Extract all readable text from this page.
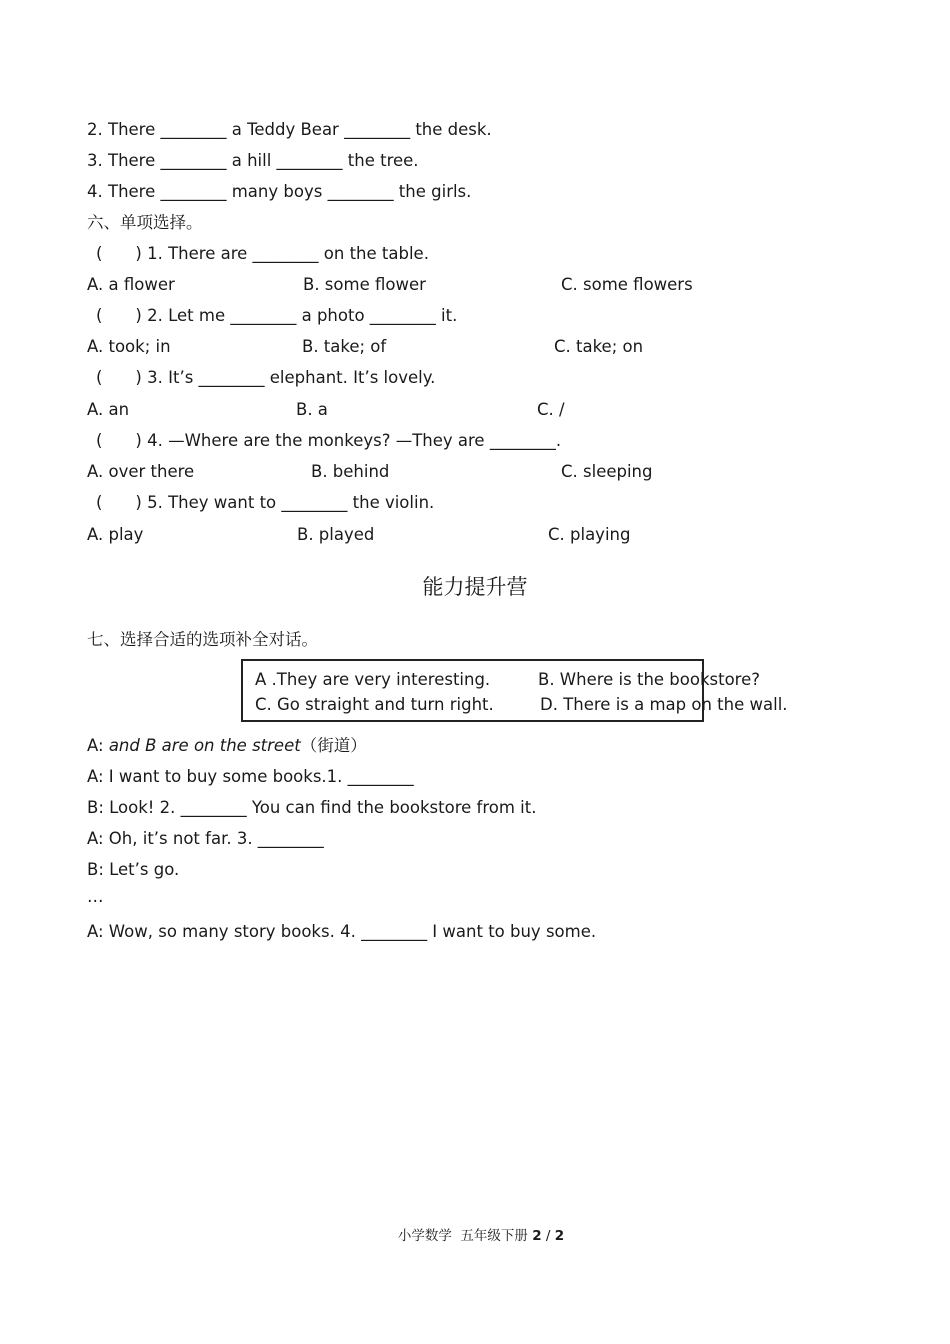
2. There ________ a Teddy Bear ________ the desk.
3. There ________ a hill ________ the tree.
4. There ________ many boys ________ the girls.
六、单项选择。
(　　) 1. There are ________ on the table.
A. a flower	B. some flower	C. some flowers
(　　) 2. Let me ________ a photo ________ it.
A. took; in	B. take; of	C. take; on
(　　) 3. It’s ________ elephant. It’s lovely.
A. an	B. a	C. /
(　　) 4. —Where are the monkeys? —They are ________.
A. over there	B. behind	C. sleeping
(　　) 5. They want to ________ the violin.
A. play	B. played	C. playing
能力提升营
七、选择合适的选项补全对话。
A .They are very interesting.	B. Where is the bookstore?
C. Go straight and turn right.	D. There is a map on the wall.
A: and B are on the street（街道）
A: I want to buy some books.1. ________
B: Look! 2. ________ You can find the bookstore from it.
A: Oh, it’s not far. 3. ________
B: Let’s go.
…
A: Wow, so many story books. 4. ________ I want to buy some.
小学数学  五年级下册 2 / 2
